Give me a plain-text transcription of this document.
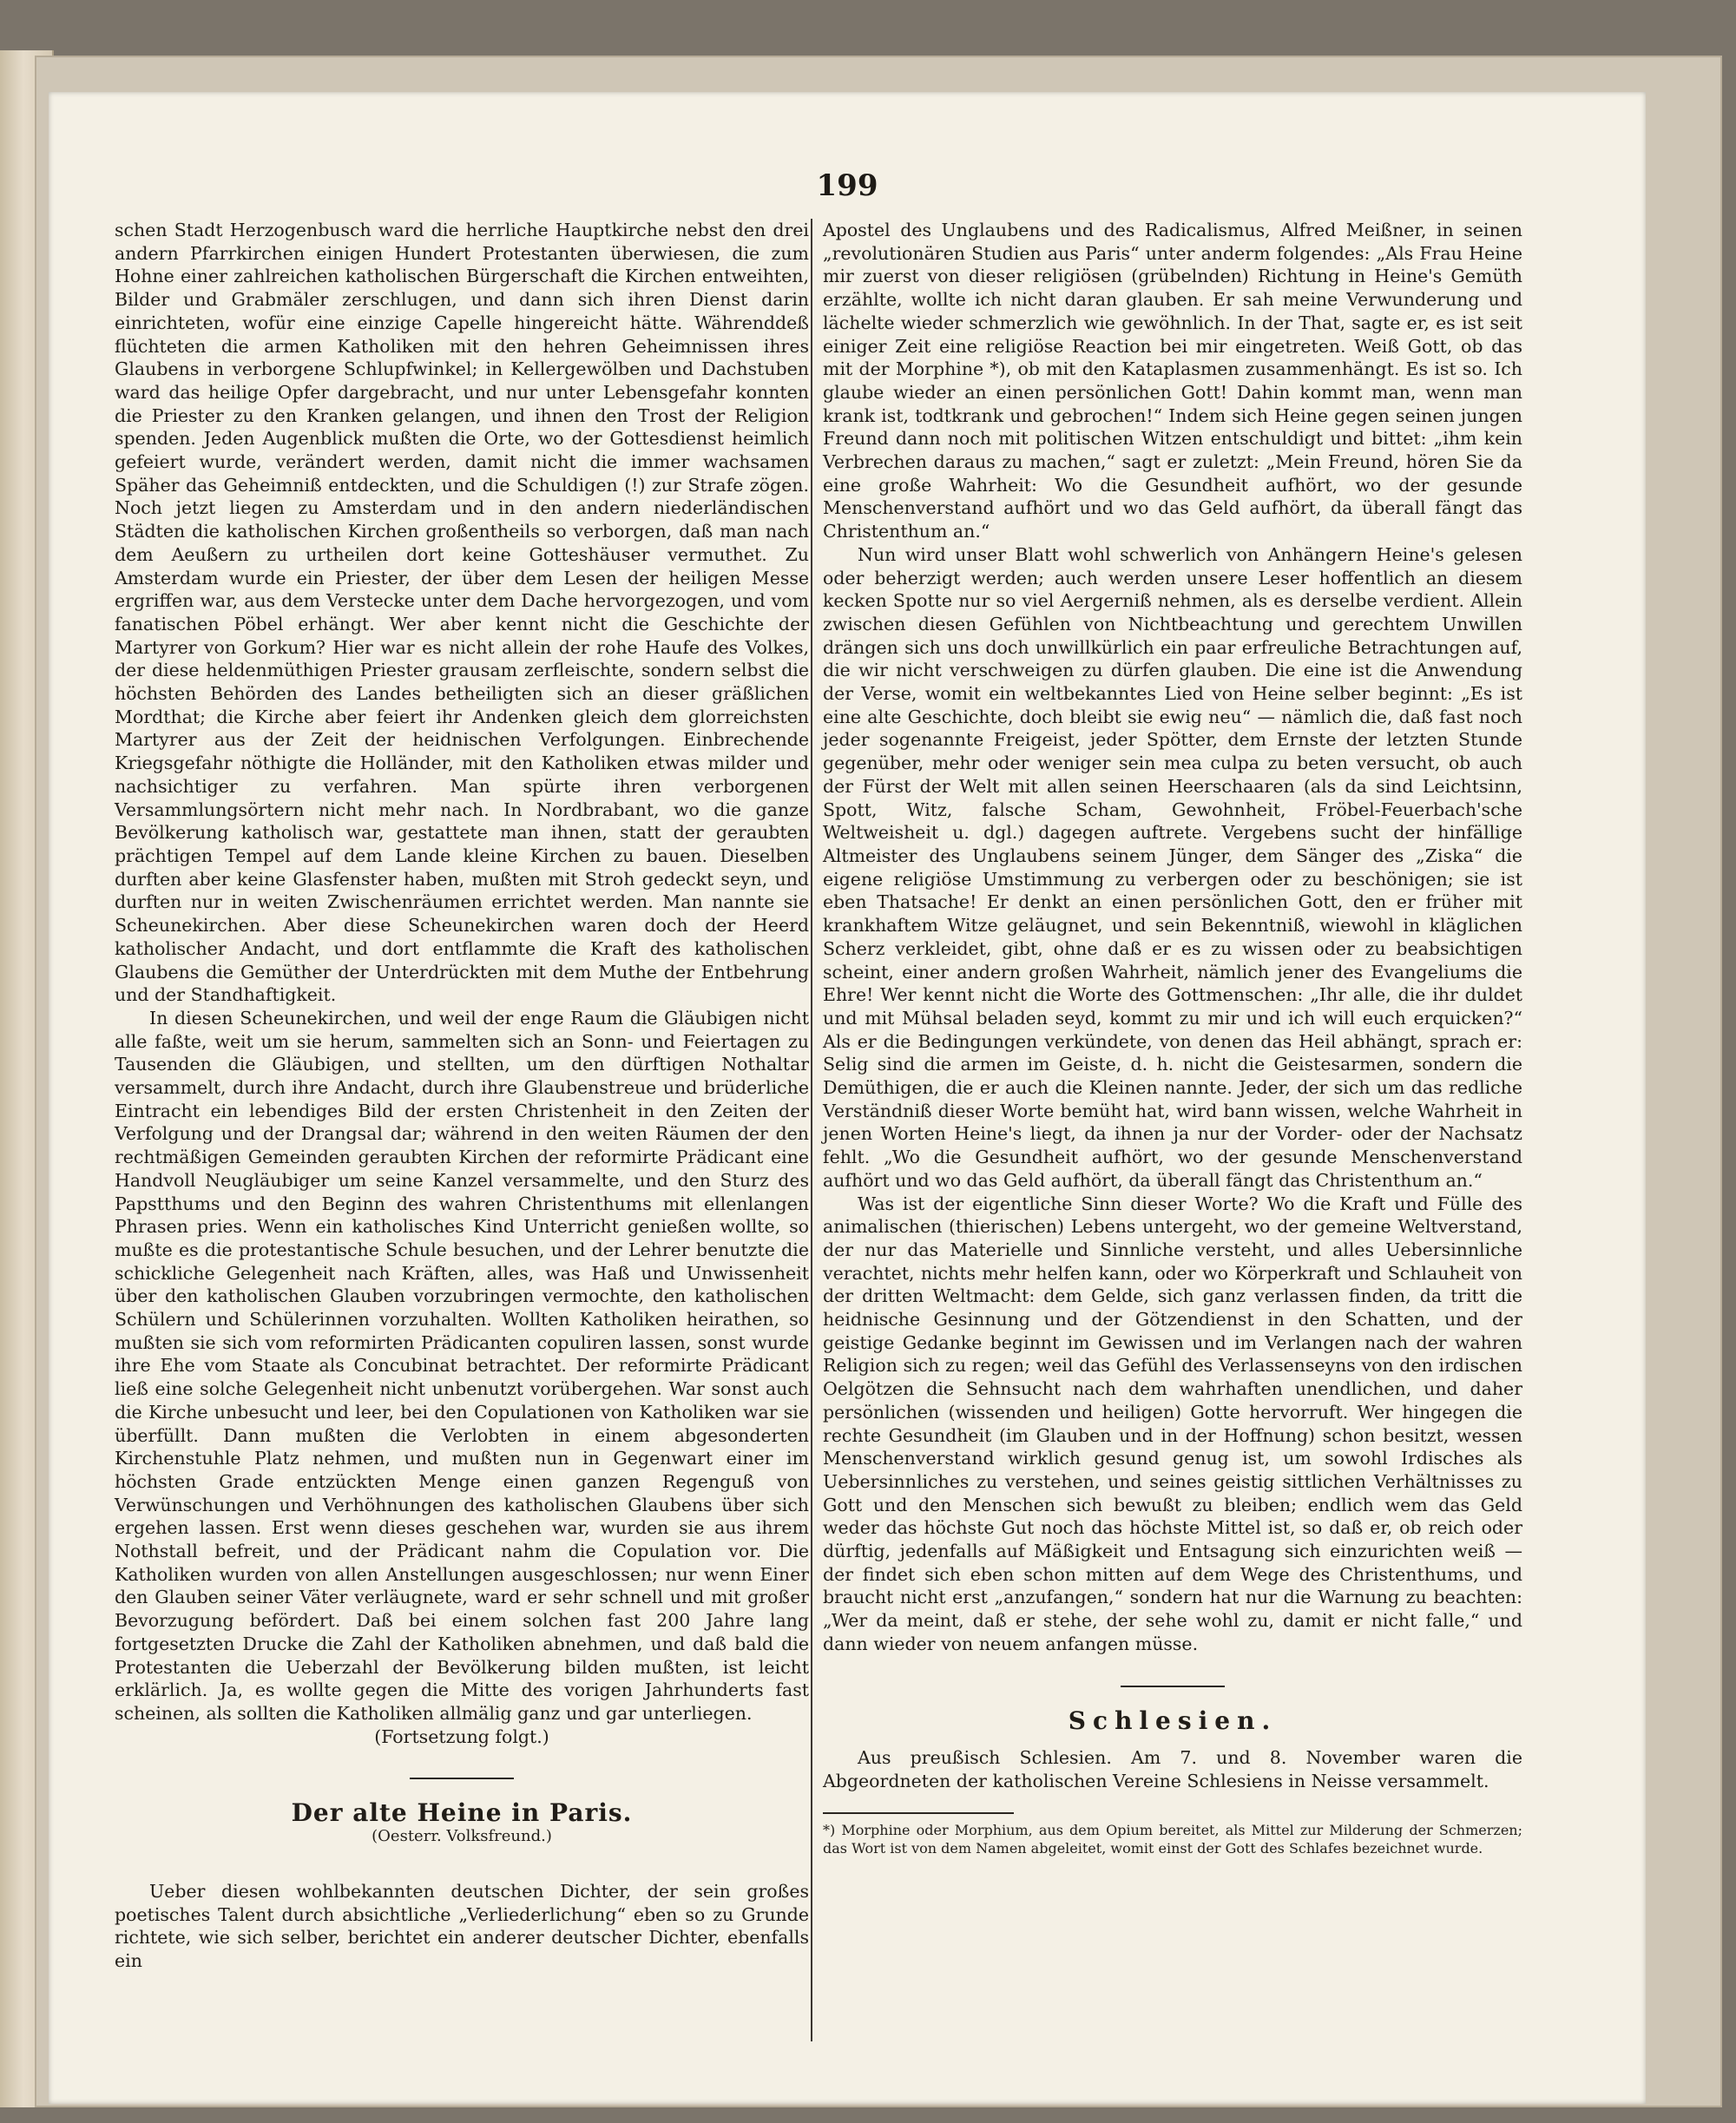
199

schen Stadt Herzogenbusch ward die herrliche Hauptkirche nebst den drei andern Pfarrkirchen einigen Hundert Protestanten überwiesen, die zum Hohne einer zahlreichen katholischen Bürgerschaft die Kirchen entweihten, Bilder und Grabmäler zerschlugen, und dann sich ihren Dienst darin einrichteten, wofür eine einzige Capelle hingereicht hätte. Währenddeß flüchteten die armen Katholiken mit den hehren Geheimnissen ihres Glaubens in verborgene Schlupfwinkel; in Kellergewölben und Dachstuben ward das heilige Opfer dargebracht, und nur unter Lebensgefahr konnten die Priester zu den Kranken gelangen, und ihnen den Trost der Religion spenden. Jeden Augenblick mußten die Orte, wo der Gottesdienst heimlich gefeiert wurde, verändert werden, damit nicht die immer wachsamen Späher das Geheimniß entdeckten, und die Schuldigen (!) zur Strafe zögen. Noch jetzt liegen zu Amsterdam und in den andern niederländischen Städten die katholischen Kirchen großentheils so verborgen, daß man nach dem Aeußern zu urtheilen dort keine Gotteshäuser vermuthet. Zu Amsterdam wurde ein Priester, der über dem Lesen der heiligen Messe ergriffen war, aus dem Verstecke unter dem Dache hervorgezogen, und vom fanatischen Pöbel erhängt. Wer aber kennt nicht die Geschichte der Martyrer von Gorkum? Hier war es nicht allein der rohe Haufe des Volkes, der diese heldenmüthigen Priester grausam zerfleischte, sondern selbst die höchsten Behörden des Landes betheiligten sich an dieser gräßlichen Mordthat; die Kirche aber feiert ihr Andenken gleich dem glorreichsten Martyrer aus der Zeit der heidnischen Verfolgungen. Einbrechende Kriegsgefahr nöthigte die Holländer, mit den Katholiken etwas milder und nachsichtiger zu verfahren. Man spürte ihren verborgenen Versammlungsörtern nicht mehr nach. In Nordbrabant, wo die ganze Bevölkerung katholisch war, gestattete man ihnen, statt der geraubten prächtigen Tempel auf dem Lande kleine Kirchen zu bauen. Dieselben durften aber keine Glasfenster haben, mußten mit Stroh gedeckt seyn, und durften nur in weiten Zwischenräumen errichtet werden. Man nannte sie Scheunekirchen. Aber diese Scheunekirchen waren doch der Heerd katholischer Andacht, und dort entflammte die Kraft des katholischen Glaubens die Gemüther der Unterdrückten mit dem Muthe der Entbehrung und der Standhaftigkeit.

In diesen Scheunekirchen, und weil der enge Raum die Gläubigen nicht alle faßte, weit um sie herum, sammelten sich an Sonn- und Feiertagen zu Tausenden die Gläubigen, und stellten, um den dürftigen Nothaltar versammelt, durch ihre Andacht, durch ihre Glaubenstreue und brüderliche Eintracht ein lebendiges Bild der ersten Christenheit in den Zeiten der Verfolgung und der Drangsal dar; während in den weiten Räumen der den rechtmäßigen Gemeinden geraubten Kirchen der reformirte Prädicant eine Handvoll Neugläubiger um seine Kanzel versammelte, und den Sturz des Papstthums und den Beginn des wahren Christenthums mit ellenlangen Phrasen pries. Wenn ein katholisches Kind Unterricht genießen wollte, so mußte es die protestantische Schule besuchen, und der Lehrer benutzte die schickliche Gelegenheit nach Kräften, alles, was Haß und Unwissenheit über den katholischen Glauben vorzubringen vermochte, den katholischen Schülern und Schülerinnen vorzuhalten. Wollten Katholiken heirathen, so mußten sie sich vom reformirten Prädicanten copuliren lassen, sonst wurde ihre Ehe vom Staate als Concubinat betrachtet. Der reformirte Prädicant ließ eine solche Gelegenheit nicht unbenutzt vorübergehen. War sonst auch die Kirche unbesucht und leer, bei den Copulationen von Katholiken war sie überfüllt. Dann mußten die Verlobten in einem abgesonderten Kirchenstuhle Platz nehmen, und mußten nun in Gegenwart einer im höchsten Grade entzückten Menge einen ganzen Regenguß von Verwünschungen und Verhöhnungen des katholischen Glaubens über sich ergehen lassen. Erst wenn dieses geschehen war, wurden sie aus ihrem Nothstall befreit, und der Prädicant nahm die Copulation vor. Die Katholiken wurden von allen Anstellungen ausgeschlossen; nur wenn Einer den Glauben seiner Väter verläugnete, ward er sehr schnell und mit großer Bevorzugung befördert. Daß bei einem solchen fast 200 Jahre lang fortgesetzten Drucke die Zahl der Katholiken abnehmen, und daß bald die Protestanten die Ueberzahl der Bevölkerung bilden mußten, ist leicht erklärlich. Ja, es wollte gegen die Mitte des vorigen Jahrhunderts fast scheinen, als sollten die Katholiken allmälig ganz und gar unterliegen.

(Fortsetzung folgt.)

Der alte Heine in Paris.
(Oesterr. Volksfreund.)

Ueber diesen wohlbekannten deutschen Dichter, der sein großes poetisches Talent durch absichtliche „Verliederlichung“ eben so zu Grunde richtete, wie sich selber, berichtet ein anderer deutscher Dichter, ebenfalls ein

Apostel des Unglaubens und des Radicalismus, Alfred Meißner, in seinen „revolutionären Studien aus Paris“ unter anderm folgendes: „Als Frau Heine mir zuerst von dieser religiösen (grübelnden) Richtung in Heine's Gemüth erzählte, wollte ich nicht daran glauben. Er sah meine Verwunderung und lächelte wieder schmerzlich wie gewöhnlich. In der That, sagte er, es ist seit einiger Zeit eine religiöse Reaction bei mir eingetreten. Weiß Gott, ob das mit der Morphine *), ob mit den Kataplasmen zusammenhängt. Es ist so. Ich glaube wieder an einen persönlichen Gott! Dahin kommt man, wenn man krank ist, todtkrank und gebrochen!“ Indem sich Heine gegen seinen jungen Freund dann noch mit politischen Witzen entschuldigt und bittet: „ihm kein Verbrechen daraus zu machen,“ sagt er zuletzt: „Mein Freund, hören Sie da eine große Wahrheit: Wo die Gesundheit aufhört, wo der gesunde Menschenverstand aufhört und wo das Geld aufhört, da überall fängt das Christenthum an.“

Nun wird unser Blatt wohl schwerlich von Anhängern Heine's gelesen oder beherzigt werden; auch werden unsere Leser hoffentlich an diesem kecken Spotte nur so viel Aergerniß nehmen, als es derselbe verdient. Allein zwischen diesen Gefühlen von Nichtbeachtung und gerechtem Unwillen drängen sich uns doch unwillkürlich ein paar erfreuliche Betrachtungen auf, die wir nicht verschweigen zu dürfen glauben. Die eine ist die Anwendung der Verse, womit ein weltbekanntes Lied von Heine selber beginnt: „Es ist eine alte Geschichte, doch bleibt sie ewig neu“ — nämlich die, daß fast noch jeder sogenannte Freigeist, jeder Spötter, dem Ernste der letzten Stunde gegenüber, mehr oder weniger sein mea culpa zu beten versucht, ob auch der Fürst der Welt mit allen seinen Heerschaaren (als da sind Leichtsinn, Spott, Witz, falsche Scham, Gewohnheit, Fröbel-Feuerbach'sche Weltweisheit u. dgl.) dagegen auftrete. Vergebens sucht der hinfällige Altmeister des Unglaubens seinem Jünger, dem Sänger des „Ziska“ die eigene religiöse Umstimmung zu verbergen oder zu beschönigen; sie ist eben Thatsache! Er denkt an einen persönlichen Gott, den er früher mit krankhaftem Witze geläugnet, und sein Bekenntniß, wiewohl in kläglichen Scherz verkleidet, gibt, ohne daß er es zu wissen oder zu beabsichtigen scheint, einer andern großen Wahrheit, nämlich jener des Evangeliums die Ehre! Wer kennt nicht die Worte des Gottmenschen: „Ihr alle, die ihr duldet und mit Mühsal beladen seyd, kommt zu mir und ich will euch erquicken?“ Als er die Bedingungen verkündete, von denen das Heil abhängt, sprach er: Selig sind die armen im Geiste, d. h. nicht die Geistesarmen, sondern die Demüthigen, die er auch die Kleinen nannte. Jeder, der sich um das redliche Verständniß dieser Worte bemüht hat, wird bann wissen, welche Wahrheit in jenen Worten Heine's liegt, da ihnen ja nur der Vorder- oder der Nachsatz fehlt. „Wo die Gesundheit aufhört, wo der gesunde Menschenverstand aufhört und wo das Geld aufhört, da überall fängt das Christenthum an.“

Was ist der eigentliche Sinn dieser Worte? Wo die Kraft und Fülle des animalischen (thierischen) Lebens untergeht, wo der gemeine Weltverstand, der nur das Materielle und Sinnliche versteht, und alles Uebersinnliche verachtet, nichts mehr helfen kann, oder wo Körperkraft und Schlauheit von der dritten Weltmacht: dem Gelde, sich ganz verlassen finden, da tritt die heidnische Gesinnung und der Götzendienst in den Schatten, und der geistige Gedanke beginnt im Gewissen und im Verlangen nach der wahren Religion sich zu regen; weil das Gefühl des Verlassenseyns von den irdischen Oelgötzen die Sehnsucht nach dem wahrhaften unendlichen, und daher persönlichen (wissenden und heiligen) Gotte hervorruft. Wer hingegen die rechte Gesundheit (im Glauben und in der Hoffnung) schon besitzt, wessen Menschenverstand wirklich gesund genug ist, um sowohl Irdisches als Uebersinnliches zu verstehen, und seines geistig sittlichen Verhältnisses zu Gott und den Menschen sich bewußt zu bleiben; endlich wem das Geld weder das höchste Gut noch das höchste Mittel ist, so daß er, ob reich oder dürftig, jedenfalls auf Mäßigkeit und Entsagung sich einzurichten weiß — der findet sich eben schon mitten auf dem Wege des Christenthums, und braucht nicht erst „anzufangen,“ sondern hat nur die Warnung zu beachten: „Wer da meint, daß er stehe, der sehe wohl zu, damit er nicht falle,“ und dann wieder von neuem anfangen müsse.

Schlesien.

Aus preußisch Schlesien. Am 7. und 8. November waren die Abgeordneten der katholischen Vereine Schlesiens in Neisse versammelt.

*) Morphine oder Morphium, aus dem Opium bereitet, als Mittel zur Milderung der Schmerzen; das Wort ist von dem Namen abgeleitet, womit einst der Gott des Schlafes bezeichnet wurde.
